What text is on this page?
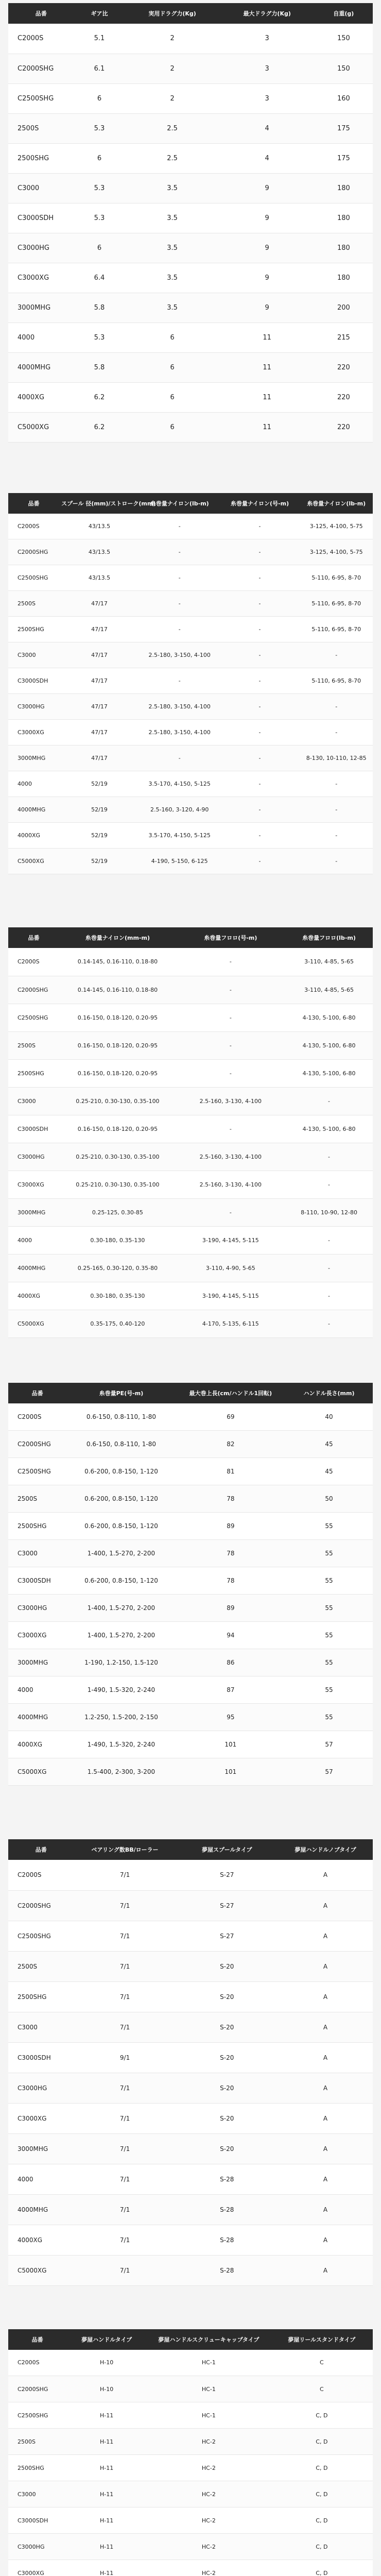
品番	ギア比	実用ドラグ力(Kg)	最大ドラグ力(Kg)	自重(g)
C2000S	5.1	2	3	150
C2000SHG	6.1	2	3	150
C2500SHG	6	2	3	160
2500S	5.3	2.5	4	175
2500SHG	6	2.5	4	175
C3000	5.3	3.5	9	180
C3000SDH	5.3	3.5	9	180
C3000HG	6	3.5	9	180
C3000XG	6.4	3.5	9	180
3000MHG	5.8	3.5	9	200
4000	5.3	6	11	215
4000MHG	5.8	6	11	220
4000XG	6.2	6	11	220
C5000XG	6.2	6	11	220
品番	スプール 径(mm)/ストローク(mm)	糸巻量ナイロン(lb-m)	糸巻量ナイロン(号-m)	糸巻量ナイロン(lb-m)
C2000S	43/13.5	-	-	3-125, 4-100, 5-75
C2000SHG	43/13.5	-	-	3-125, 4-100, 5-75
C2500SHG	43/13.5	-	-	5-110, 6-95, 8-70
2500S	47/17	-	-	5-110, 6-95, 8-70
2500SHG	47/17	-	-	5-110, 6-95, 8-70
C3000	47/17	2.5-180, 3-150, 4-100	-	-
C3000SDH	47/17	-	-	5-110, 6-95, 8-70
C3000HG	47/17	2.5-180, 3-150, 4-100	-	-
C3000XG	47/17	2.5-180, 3-150, 4-100	-	-
3000MHG	47/17	-	-	8-130, 10-110, 12-85
4000	52/19	3.5-170, 4-150, 5-125	-	-
4000MHG	52/19	2.5-160, 3-120, 4-90	-	-
4000XG	52/19	3.5-170, 4-150, 5-125	-	-
C5000XG	52/19	4-190, 5-150, 6-125	-	-
品番	糸巻量ナイロン(mm-m)	糸巻量フロロ(号-m)	糸巻量フロロ(lb-m)
C2000S	0.14-145, 0.16-110, 0.18-80	-	3-110, 4-85, 5-65
C2000SHG	0.14-145, 0.16-110, 0.18-80	-	3-110, 4-85, 5-65
C2500SHG	0.16-150, 0.18-120, 0.20-95	-	4-130, 5-100, 6-80
2500S	0.16-150, 0.18-120, 0.20-95	-	4-130, 5-100, 6-80
2500SHG	0.16-150, 0.18-120, 0.20-95	-	4-130, 5-100, 6-80
C3000	0.25-210, 0.30-130, 0.35-100	2.5-160, 3-130, 4-100	-
C3000SDH	0.16-150, 0.18-120, 0.20-95	-	4-130, 5-100, 6-80
C3000HG	0.25-210, 0.30-130, 0.35-100	2.5-160, 3-130, 4-100	-
C3000XG	0.25-210, 0.30-130, 0.35-100	2.5-160, 3-130, 4-100	-
3000MHG	0.25-125, 0.30-85	-	8-110, 10-90, 12-80
4000	0.30-180, 0.35-130	3-190, 4-145, 5-115	-
4000MHG	0.25-165, 0.30-120, 0.35-80	3-110, 4-90, 5-65	-
4000XG	0.30-180, 0.35-130	3-190, 4-145, 5-115	-
C5000XG	0.35-175, 0.40-120	4-170, 5-135, 6-115	-
品番	糸巻量PE(号-m)	最大巻上長(cm/ハンドル1回転)	ハンドル長さ(mm)
C2000S	0.6-150, 0.8-110, 1-80	69	40
C2000SHG	0.6-150, 0.8-110, 1-80	82	45
C2500SHG	0.6-200, 0.8-150, 1-120	81	45
2500S	0.6-200, 0.8-150, 1-120	78	50
2500SHG	0.6-200, 0.8-150, 1-120	89	55
C3000	1-400, 1.5-270, 2-200	78	55
C3000SDH	0.6-200, 0.8-150, 1-120	78	55
C3000HG	1-400, 1.5-270, 2-200	89	55
C3000XG	1-400, 1.5-270, 2-200	94	55
3000MHG	1-190, 1.2-150, 1.5-120	86	55
4000	1-490, 1.5-320, 2-240	87	55
4000MHG	1.2-250, 1.5-200, 2-150	95	55
4000XG	1-490, 1.5-320, 2-240	101	57
C5000XG	1.5-400, 2-300, 3-200	101	57
品番	ベアリング数BB/ローラー	夢屋スプールタイプ	夢屋ハンドルノブタイプ
C2000S	7/1	S-27	A
C2000SHG	7/1	S-27	A
C2500SHG	7/1	S-27	A
2500S	7/1	S-20	A
2500SHG	7/1	S-20	A
C3000	7/1	S-20	A
C3000SDH	9/1	S-20	A
C3000HG	7/1	S-20	A
C3000XG	7/1	S-20	A
3000MHG	7/1	S-20	A
4000	7/1	S-28	A
4000MHG	7/1	S-28	A
4000XG	7/1	S-28	A
C5000XG	7/1	S-28	A
品番	夢屋ハンドルタイプ	夢屋ハンドルスクリューキャップタイプ	夢屋リールスタンドタイプ
C2000S	H-10	HC-1	C
C2000SHG	H-10	HC-1	C
C2500SHG	H-11	HC-1	C, D
2500S	H-11	HC-2	C, D
2500SHG	H-11	HC-2	C, D
C3000	H-11	HC-2	C, D
C3000SDH	H-11	HC-2	C, D
C3000HG	H-11	HC-2	C, D
C3000XG	H-11	HC-2	C, D
